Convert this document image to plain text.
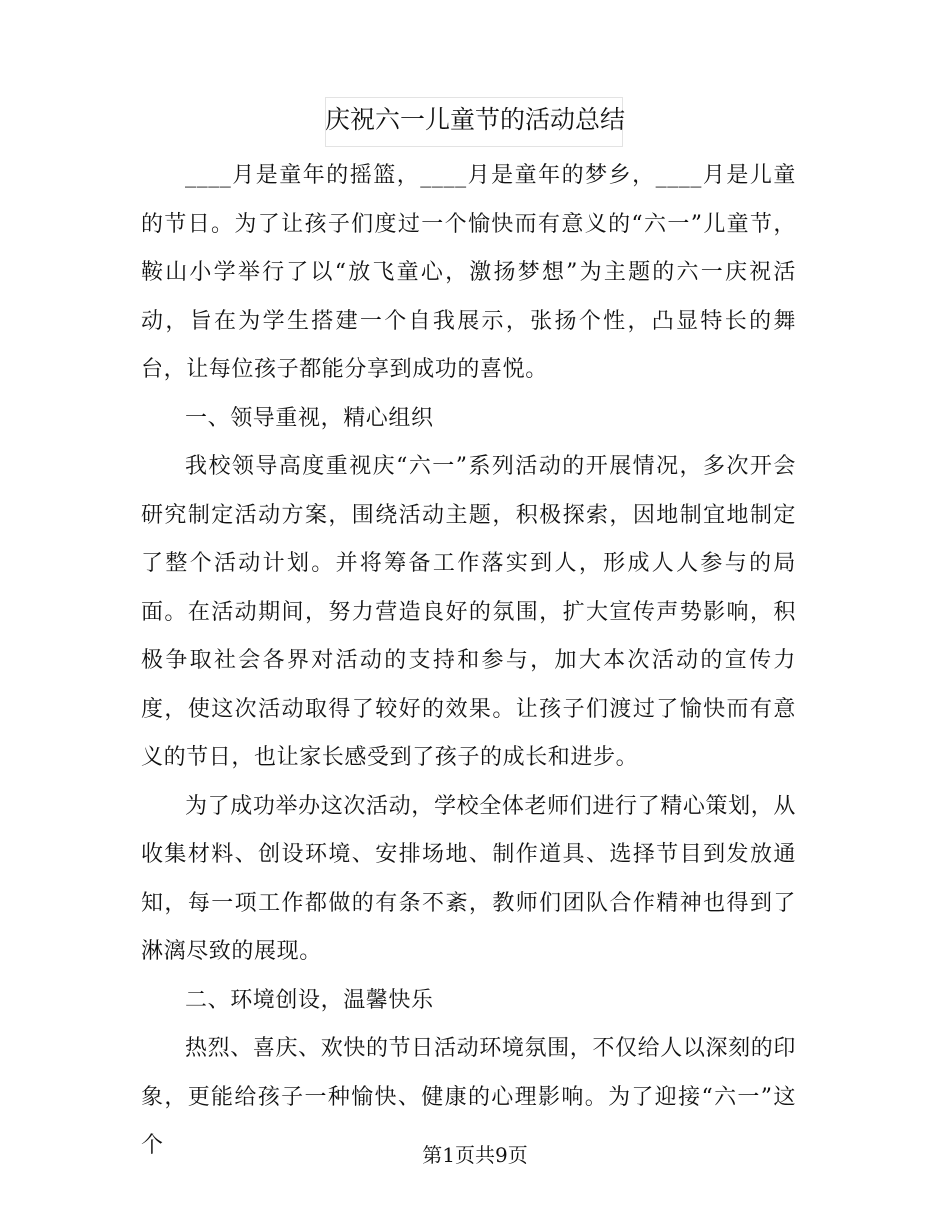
庆祝六一儿童节的活动总结

____月是童年的摇篮，____月是童年的梦乡，____月是儿童的节日。为了让孩子们度过一个愉快而有意义的“六一”儿童节，鞍山小学举行了以“放飞童心，激扬梦想”为主题的六一庆祝活动，旨在为学生搭建一个自我展示，张扬个性，凸显特长的舞台，让每位孩子都能分享到成功的喜悦。

一、领导重视，精心组织

我校领导高度重视庆“六一”系列活动的开展情况，多次开会研究制定活动方案，围绕活动主题，积极探索，因地制宜地制定了整个活动计划。并将筹备工作落实到人，形成人人参与的局面。在活动期间，努力营造良好的氛围，扩大宣传声势影响，积极争取社会各界对活动的支持和参与，加大本次活动的宣传力度，使这次活动取得了较好的效果。让孩子们渡过了愉快而有意义的节日，也让家长感受到了孩子的成长和进步。

为了成功举办这次活动，学校全体老师们进行了精心策划，从收集材料、创设环境、安排场地、制作道具、选择节目到发放通知，每一项工作都做的有条不紊，教师们团队合作精神也得到了淋漓尽致的展现。

二、环境创设，温馨快乐

热烈、喜庆、欢快的节日活动环境氛围，不仅给人以深刻的印象，更能给孩子一种愉快、健康的心理影响。为了迎接“六一”这个	第1页共9页
